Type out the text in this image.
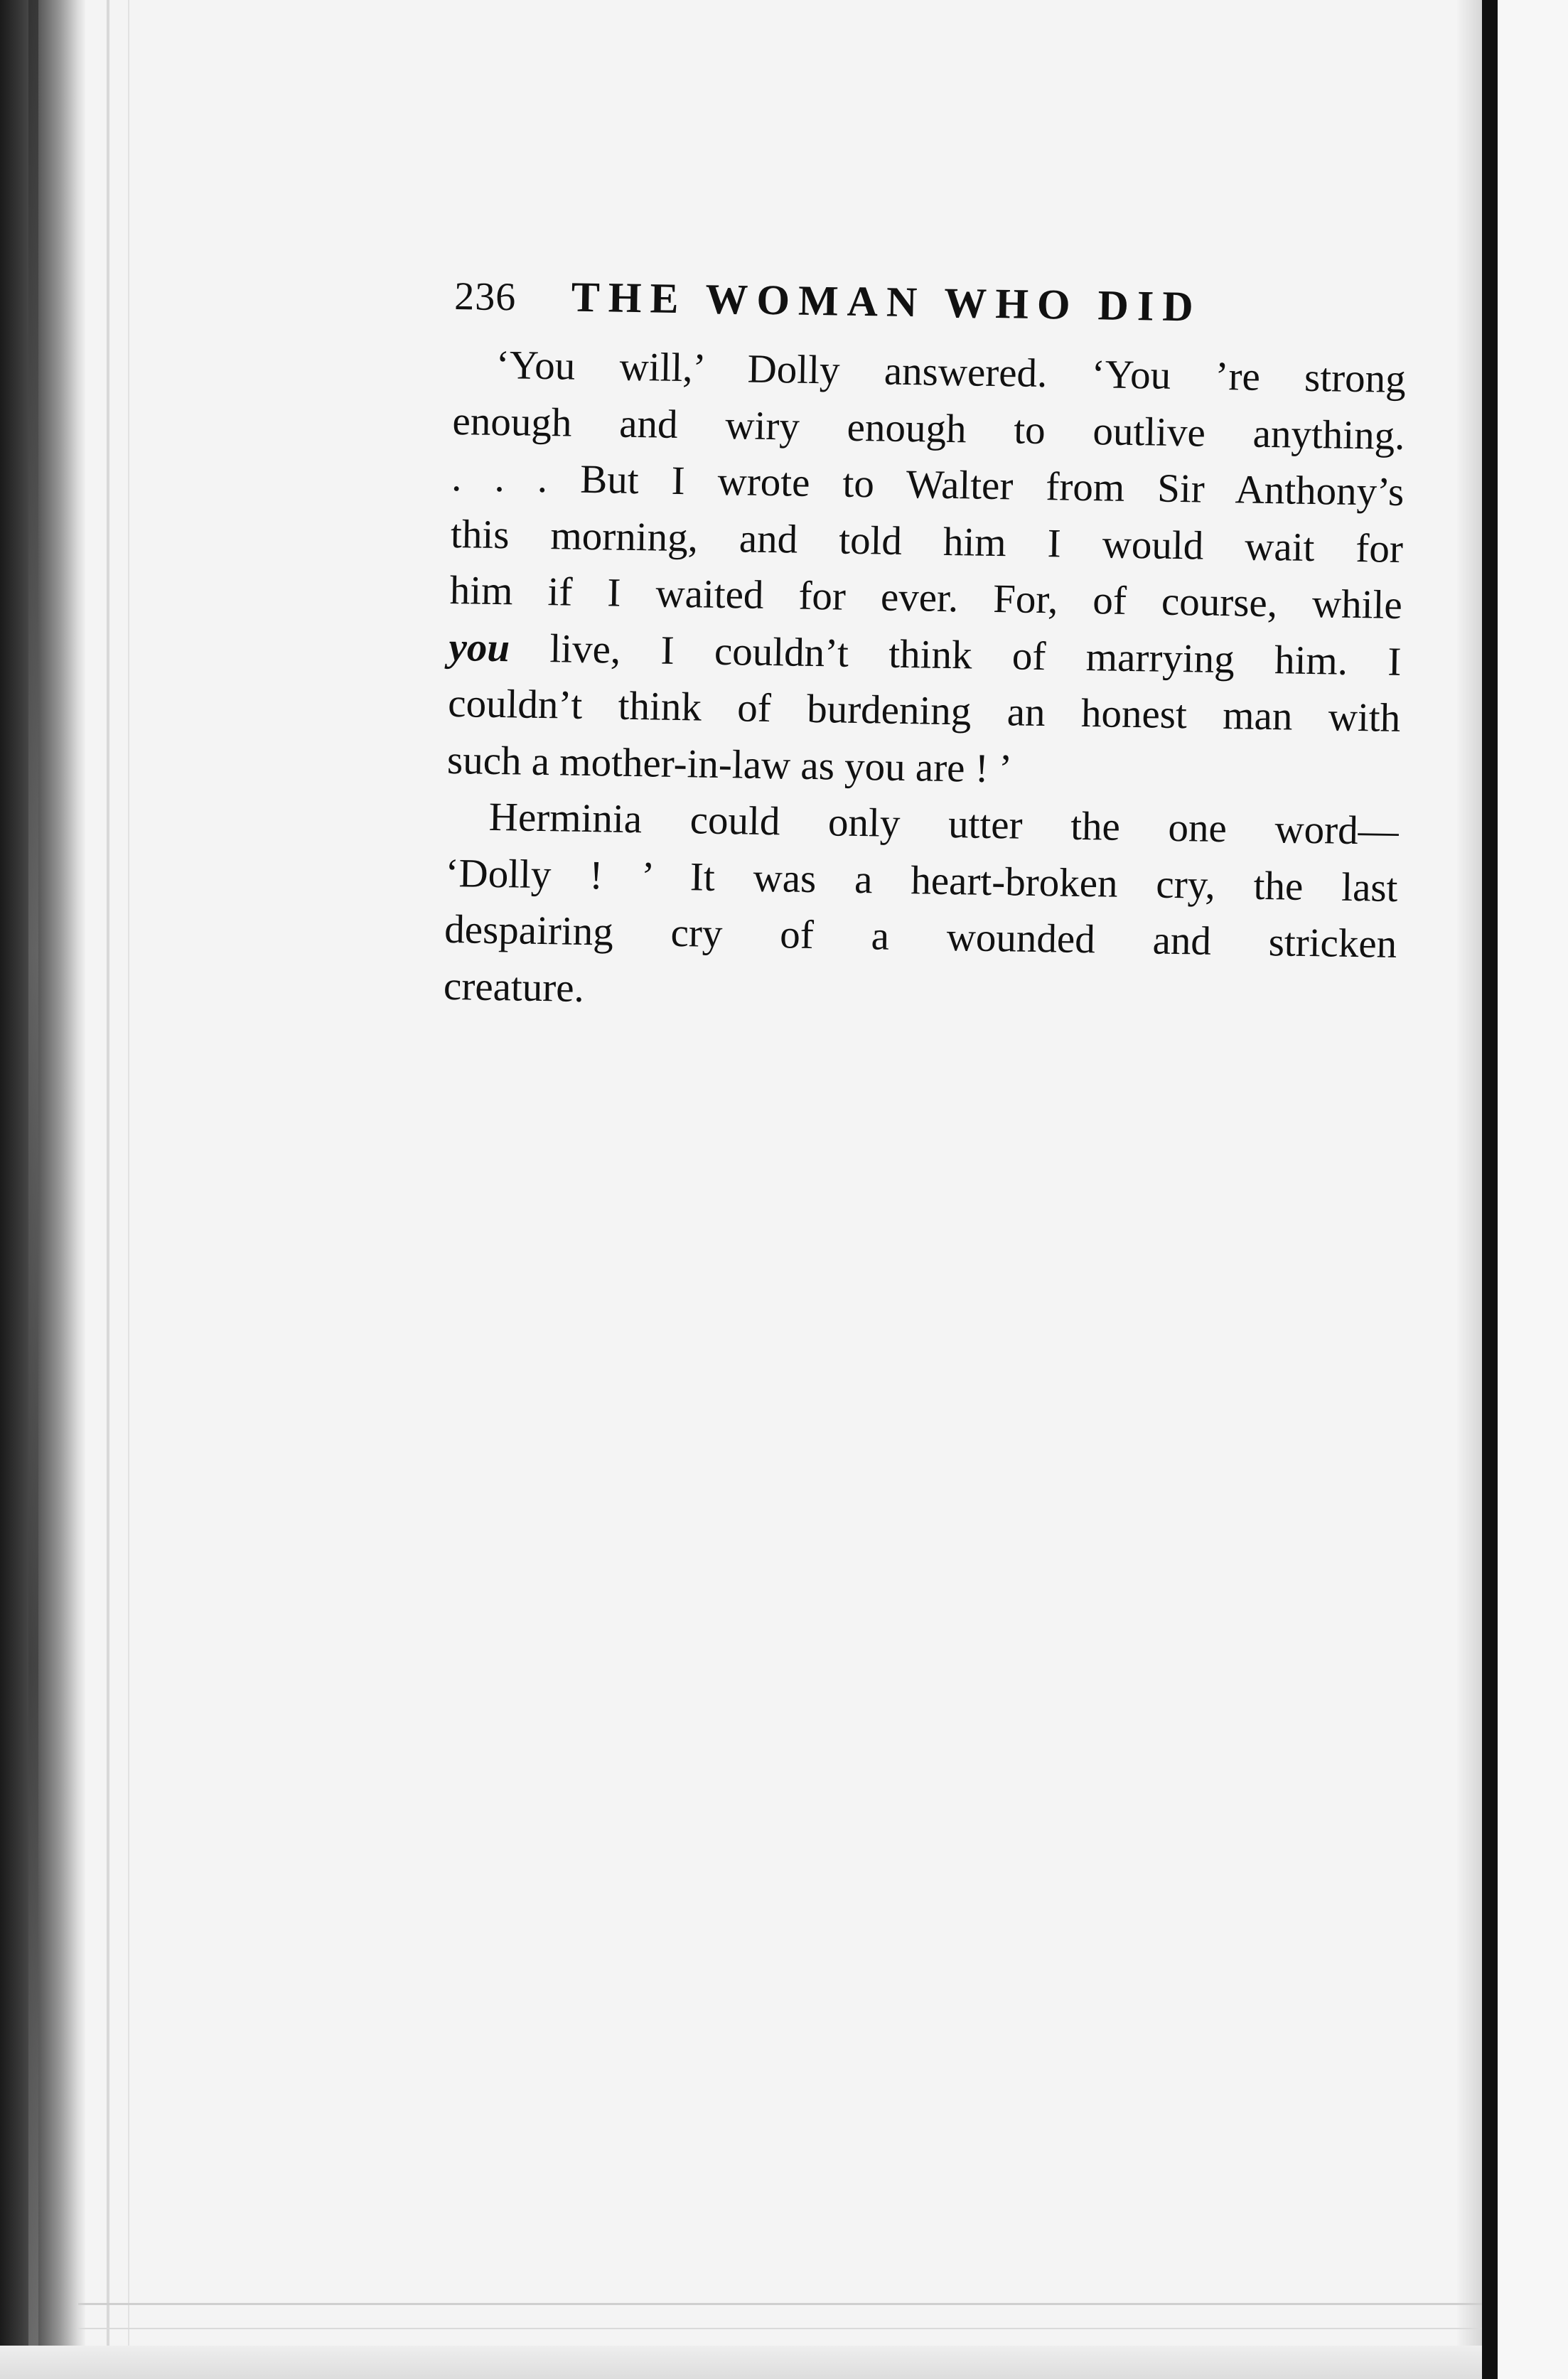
236 THE WOMAN WHO DID
‘You will,’ Dolly answered. ‘You ’re strong
enough and wiry enough to outlive anything.
. . . But I wrote to Walter from Sir Anthony’s
this morning, and told him I would wait for
him if I waited for ever. For, of course, while
you live, I couldn’t think of marrying him. I
couldn’t think of burdening an honest man with
such a mother-in-law as you are ! ’
Herminia could only utter the one word—
‘Dolly ! ’ It was a heart-broken cry, the last
despairing cry of a wounded and stricken
creature.
